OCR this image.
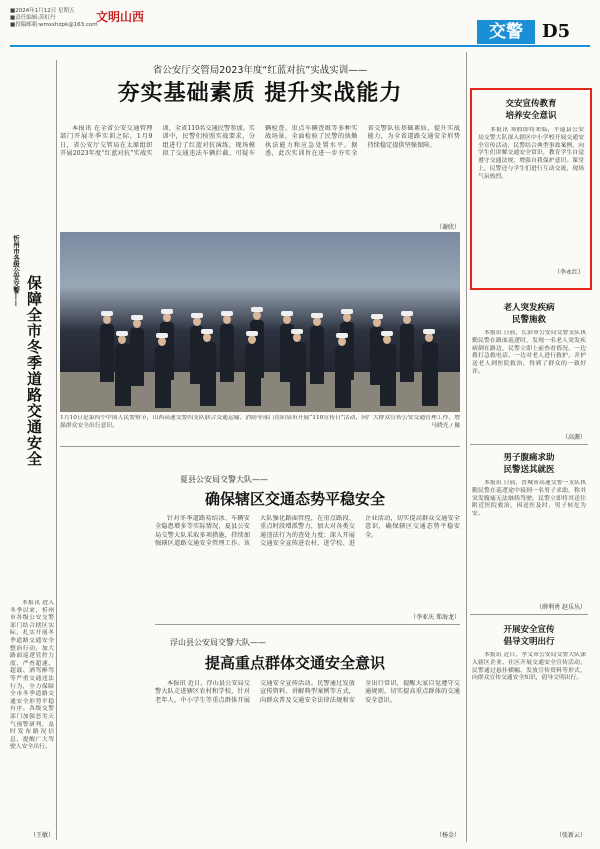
■2024年1月12日 星期五
■责任编辑:苏虹丹
■投稿邮箱:wmsxhzpk@163.com
文明山西
交警	D5
省公安厅交管局2023年度“红蓝对抗”实战实训——
夯实基础素质 提升实战能力

本报讯 在全省公安交通管理部门开展冬季实训之际，1月9日，省公安厅交管局在太原组织开展2023年度“红蓝对抗”实战实训，全省110名交通民警参加。实训中，民警们按照实战要求，分组进行了红蓝对抗演练，现场模拟了交通违法车辆拦截、可疑车辆检查、重点车辆查缉等多种实战场景，全面检验了民警的执勤执法能力和应急处置水平。据悉，此次实训旨在进一步夯实全省交警队伍基础素质，提升实战能力，为全省道路交通安全形势持续稳定提供坚强保障。

（谢欣）
1月10日是第四个中国人民警察节，山西高速交警四支队联合交通运输、消防等部门在阳泉市开展“110宣传日”活动，向广大群众宣传公安交通管理工作，增强群众安全出行意识。	马晓光 / 摄
忻州市各级公安交警——
保障全市冬季道路交通安全

本报讯 进入冬季以来，忻州市各级公安交警部门结合辖区实际，扎实开展冬季道路交通安全整治行动，加大路面巡逻管控力度，严查超速、超载、酒驾醉驾等严重交通违法行为，全力保障全市冬季道路交通安全形势平稳有序。各级交警部门加强恶劣天气预警研判，及时发布路况信息，提醒广大驾驶人安全出行。

（王敏）
夏县公安局交警大队——
确保辖区交通态势平稳安全

针对冬季道路易结冰、车辆安全隐患增多等实际情况，夏县公安局交警大队采取多项措施，持续加强辖区道路交通安全管理工作。该大队强化路面管控，在重点路段、重点时段增派警力，加大对各类交通违法行为的查处力度；深入开展交通安全宣传进农村、进学校、进企业活动，切实提高群众交通安全意识，确保辖区交通态势平稳安全。

（李亚庆 郑海龙）
浮山县公安局交警大队——
提高重点群体交通安全意识

本报讯 近日，浮山县公安局交警大队走进辖区农村和学校，针对老年人、中小学生等重点群体开展交通安全宣传活动。民警通过发放宣传资料、讲解典型案例等方式，向群众普及交通安全法律法规和安全出行常识，提醒大家自觉遵守交通规则，切实提高重点群体的交通安全意识。

（杨金）
交安宣传教育
培养安全意识

本报讯 寒假即将来临，平遥县公安局交警大队深入辖区中小学校开展交通安全宣传活动，民警结合典型事故案例，向学生们讲解交通安全常识，教育学生自觉遵守交通法规，增强自我保护意识。课堂上，民警还与学生们进行互动交流，现场气氛热烈。

（李永红）
老人突发疾病
民警施救

本报讯 日前，长治市公安局交警支队执勤民警在路面巡逻时，发现一名老人突发疾病倒在路边，民警立即上前查看情况，一边拨打急救电话，一边对老人进行救护，并护送老人到医院救治，得到了群众的一致好评。

（高源）
男子腹痛求助
民警送其就医

本报讯 日前，晋城市高速交警一支队执勤民警在巡逻途中接到一名男子求助，称其突发腹痛无法继续驾驶。民警立即将其送往附近医院救治，因送医及时，男子转危为安。

（薛利勇 赵乐丛）
开展安全宣传
倡导文明出行

本报讯 近日，孝义市公安局交警大队深入辖区企业、社区开展交通安全宣传活动，民警通过悬挂横幅、发放宣传资料等形式，向群众宣传交通安全知识，倡导文明出行。

（张新云）
